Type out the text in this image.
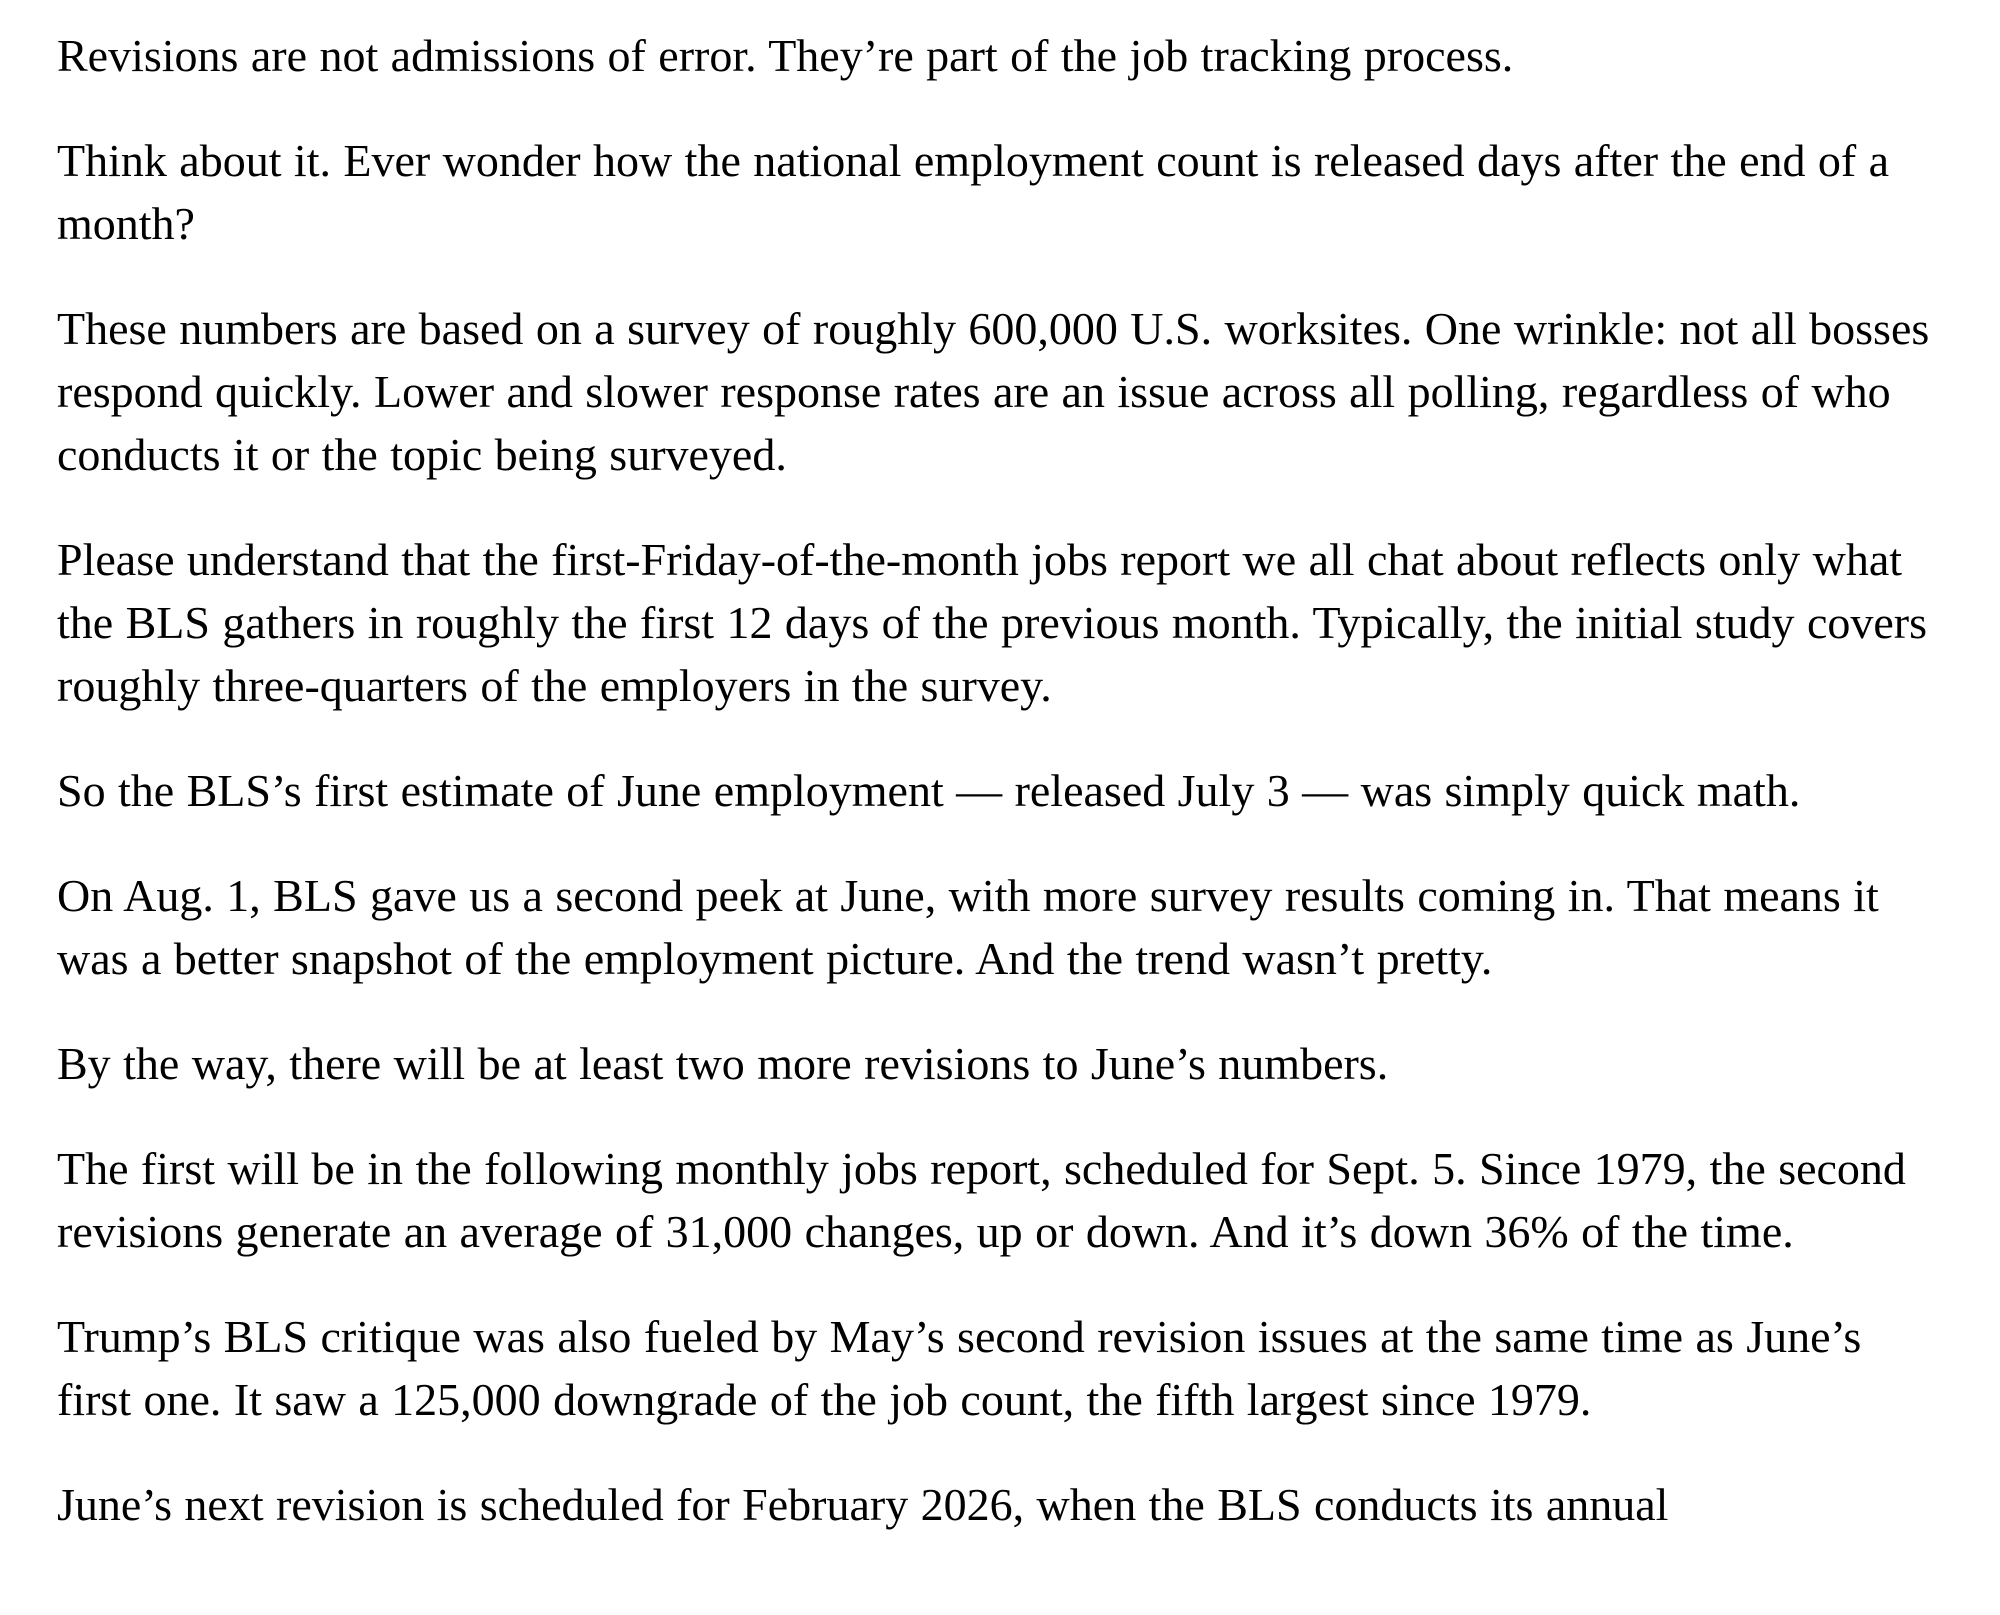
Revisions are not admissions of error. They’re part of the job tracking process.

Think about it. Ever wonder how the national employment count is released days after the end of a month?

These numbers are based on a survey of roughly 600,000 U.S. worksites. One wrinkle: not all bosses respond quickly. Lower and slower response rates are an issue across all polling, regardless of who conducts it or the topic being surveyed.

Please understand that the first-Friday-of-the-month jobs report we all chat about reflects only what the BLS gathers in roughly the first 12 days of the previous month. Typically, the initial study covers roughly three-quarters of the employers in the survey.

So the BLS’s first estimate of June employment — released July 3 — was simply quick math.

On Aug. 1, BLS gave us a second peek at June, with more survey results coming in. That means it was a better snapshot of the employment picture. And the trend wasn’t pretty.

By the way, there will be at least two more revisions to June’s numbers.

The first will be in the following monthly jobs report, scheduled for Sept. 5. Since 1979, the second revisions generate an average of 31,000 changes, up or down. And it’s down 36% of the time.

Trump’s BLS critique was also fueled by May’s second revision issues at the same time as June’s first one. It saw a 125,000 downgrade of the job count, the fifth largest since 1979.

June’s next revision is scheduled for February 2026, when the BLS conducts its annual
